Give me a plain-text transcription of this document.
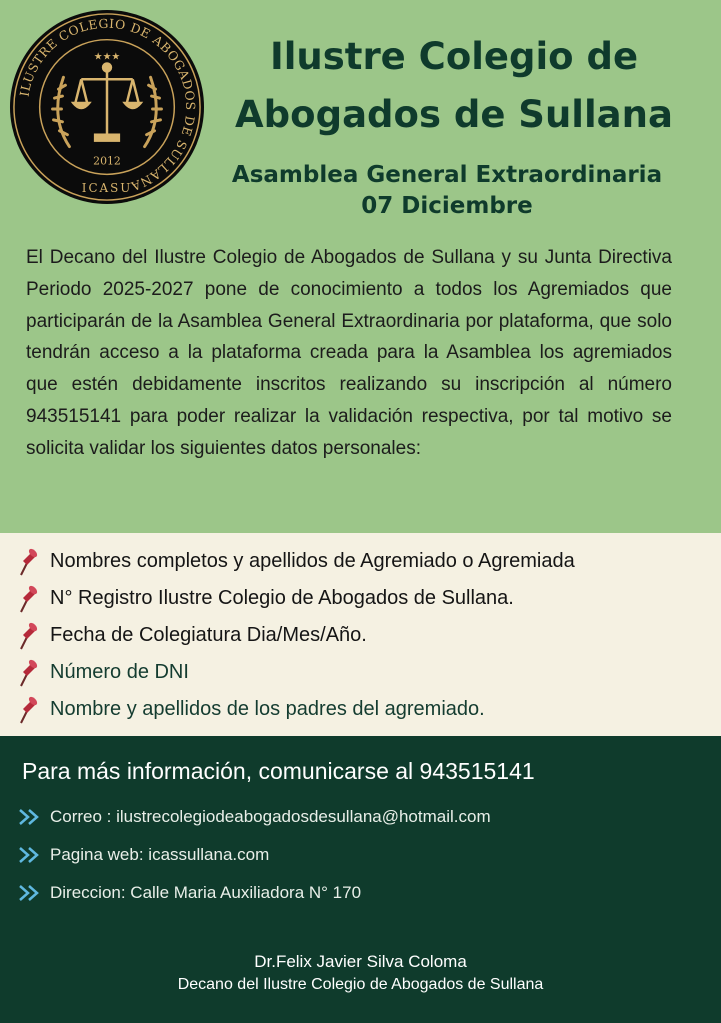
ILUSTRE COLEGIO DE ABOGADOS DE SULLANA
★★★
2012
ICASU
Ilustre Colegio de
Abogados de Sullana
Asamblea General Extraordinaria
07 Diciembre

El Decano del Ilustre Colegio de Abogados de Sullana y su Junta Directiva Periodo 2025-2027 pone de conocimiento a todos los Agremiados que participarán de la Asamblea General Extraordinaria por plataforma, que solo tendrán acceso a la plataforma creada para la Asamblea los agremiados que estén debidamente inscritos realizando su inscripción al número 943515141 para poder realizar la validación respectiva, por tal motivo se solicita validar los siguientes datos personales:

Nombres completos y apellidos de Agremiado o Agremiada
N° Registro Ilustre Colegio de Abogados de Sullana.
Fecha de Colegiatura Dia/Mes/Año.
Número de DNI
Nombre y apellidos de los padres del agremiado.
Para más información, comunicarse al 943515141
Correo : ilustrecolegiodeabogadosdesullana@hotmail.com
Pagina web: icassullana.com
Direccion: Calle Maria Auxiliadora N° 170
Dr.Felix Javier Silva Coloma
Decano del Ilustre Colegio de Abogados de Sullana
